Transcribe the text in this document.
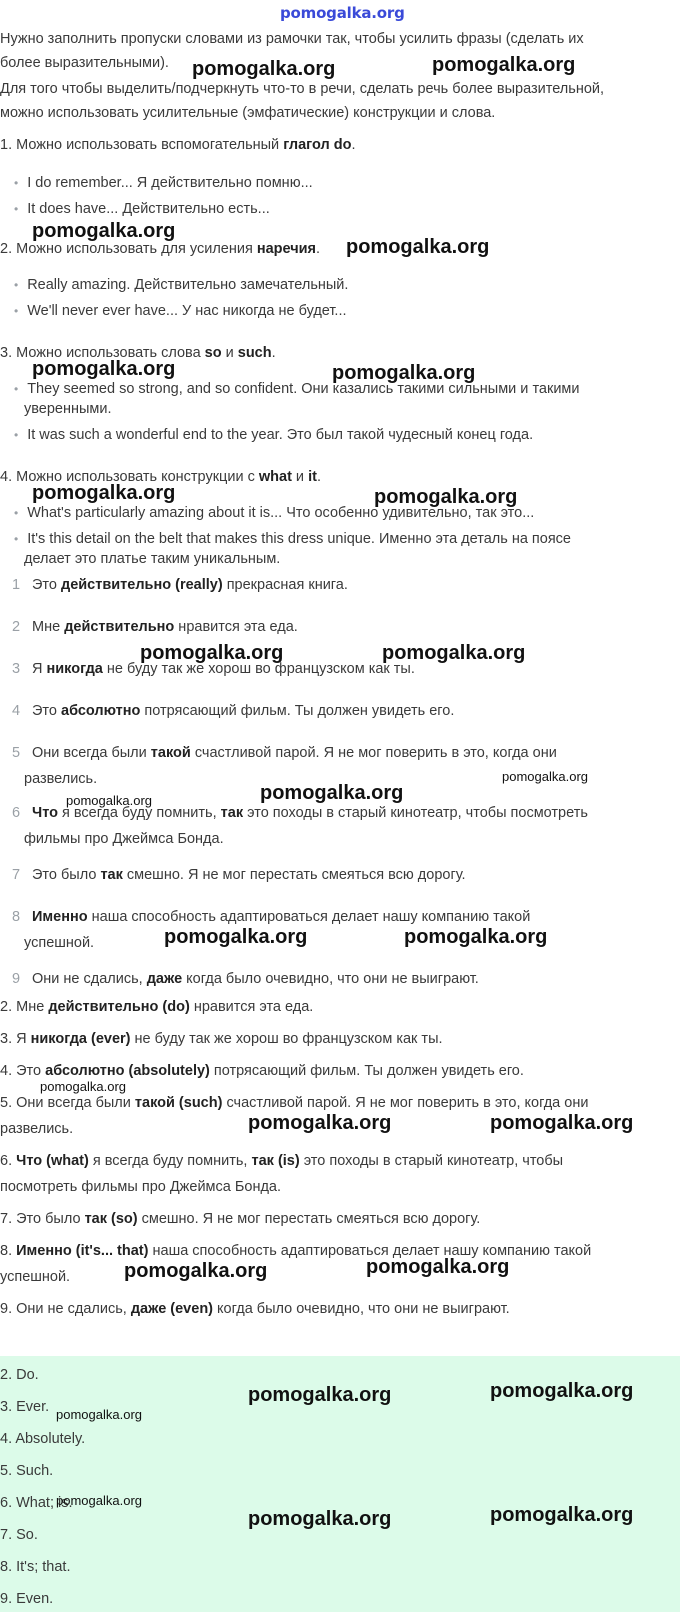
pomogalka.org
Нужно заполнить пропуски словами из рамочки так, чтобы усилить фразы (сделать их
более выразительными).
Для того чтобы выделить/подчеркнуть что-то в речи, сделать речь более выразительной,
можно использовать усилительные (эмфатические) конструкции и слова.
1. Можно использовать вспомогательный глагол do.
• I do remember... Я действительно помню...
• It does have... Действительно есть...
2. Можно использовать для усиления наречия.
• Really amazing. Действительно замечательный.
• We'll never ever have... У нас никогда не будет...
3. Можно использовать слова so и such.
• They seemed so strong, and so confident. Они казались такими сильными и такими
уверенными.
• It was such a wonderful end to the year. Это был такой чудесный конец года.
4. Можно использовать конструкции с what и it.
• What's particularly amazing about it is... Что особенно удивительно, так это...
• It's this detail on the belt that makes this dress unique. Именно эта деталь на поясе
делает это платье таким уникальным.
1 Это действительно (really) прекрасная книга.
2 Мне действительно нравится эта еда.
3 Я никогда не буду так же хорош во французском как ты.
4 Это абсолютно потрясающий фильм. Ты должен увидеть его.
5 Они всегда были такой счастливой парой. Я не мог поверить в это, когда они
развелись.
6 Что я всегда буду помнить, так это походы в старый кинотеатр, чтобы посмотреть
фильмы про Джеймса Бонда.
7 Это было так смешно. Я не мог перестать смеяться всю дорогу.
8 Именно наша способность адаптироваться делает нашу компанию такой
успешной.
9 Они не сдались, даже когда было очевидно, что они не выиграют.
2. Мне действительно (do) нравится эта еда.
3. Я никогда (ever) не буду так же хорош во французском как ты.
4. Это абсолютно (absolutely) потрясающий фильм. Ты должен увидеть его.
5. Они всегда были такой (such) счастливой парой. Я не мог поверить в это, когда они
развелись.
6. Что (what) я всегда буду помнить, так (is) это походы в старый кинотеатр, чтобы
посмотреть фильмы про Джеймса Бонда.
7. Это было так (so) смешно. Я не мог перестать смеяться всю дорогу.
8. Именно (it's... that) наша способность адаптироваться делает нашу компанию такой
успешной.
9. Они не сдались, даже (even) когда было очевидно, что они не выиграют.
2. Do.
3. Ever.
4. Absolutely.
5. Such.
6. What; is.
7. So.
8. It's; that.
9. Even.
pomogalka.org	pomogalka.org
pomogalka.org
pomogalka.org
pomogalka.org	pomogalka.org
pomogalka.org	pomogalka.org
pomogalka.org	pomogalka.org
pomogalka.org
pomogalka.org	pomogalka.org
pomogalka.org	pomogalka.org
pomogalka.org
pomogalka.org	pomogalka.org
pomogalka.org	pomogalka.org
pomogalka.org	pomogalka.org
pomogalka.org
pomogalka.org
pomogalka.org	pomogalka.org
